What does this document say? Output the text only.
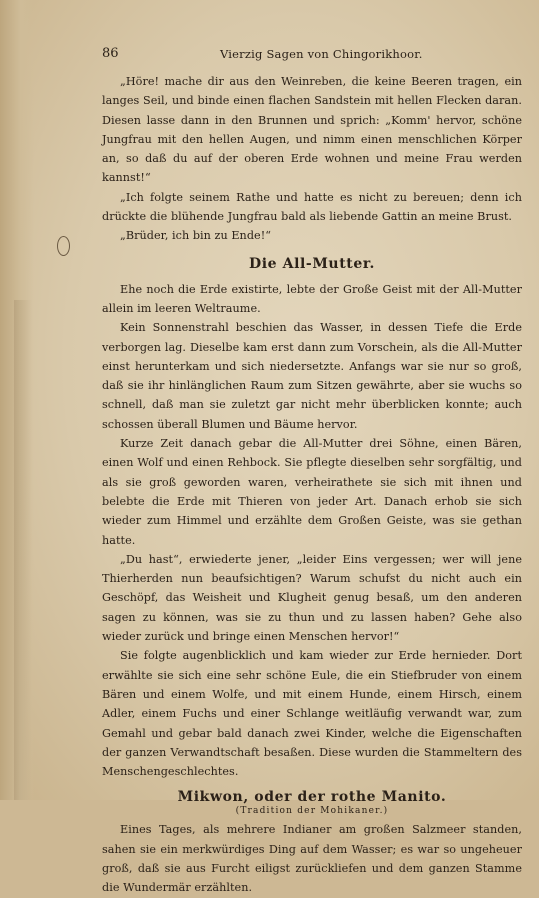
86	Vierzig Sagen von Chingorikhoor.

„Höre! mache dir aus den Weinreben, die keine Beeren tragen, ein langes Seil, und binde einen flachen Sandstein mit hellen Flecken daran. Diesen lasse dann in den Brunnen und sprich: „Komm' hervor, schöne Jungfrau mit den hellen Augen, und nimm einen menschlichen Körper an, so daß du auf der oberen Erde wohnen und meine Frau werden kannst!“

„Ich folgte seinem Rathe und hatte es nicht zu bereuen; denn ich drückte die blühende Jungfrau bald als liebende Gattin an meine Brust.

„Brüder, ich bin zu Ende!“

Die All-Mutter.

Ehe noch die Erde existirte, lebte der Große Geist mit der All-Mutter allein im leeren Weltraume.

Kein Sonnenstrahl beschien das Wasser, in dessen Tiefe die Erde verborgen lag. Dieselbe kam erst dann zum Vorschein, als die All-Mutter einst herunterkam und sich niedersetzte. Anfangs war sie nur so groß, daß sie ihr hinlänglichen Raum zum Sitzen gewährte, aber sie wuchs so schnell, daß man sie zuletzt gar nicht mehr überblicken konnte; auch schossen überall Blumen und Bäume hervor.

Kurze Zeit danach gebar die All-Mutter drei Söhne, einen Bären, einen Wolf und einen Rehbock. Sie pflegte dieselben sehr sorgfältig, und als sie groß geworden waren, verheirathete sie sich mit ihnen und belebte die Erde mit Thieren von jeder Art. Danach erhob sie sich wieder zum Himmel und erzählte dem Großen Geiste, was sie gethan hatte.

„Du hast“, erwiederte jener, „leider Eins vergessen; wer will jene Thierherden nun beaufsichtigen? Warum schufst du nicht auch ein Geschöpf, das Weisheit und Klugheit genug besaß, um den anderen sagen zu können, was sie zu thun und zu lassen haben? Gehe also wieder zurück und bringe einen Menschen hervor!“

Sie folgte augenblicklich und kam wieder zur Erde hernieder. Dort erwählte sie sich eine sehr schöne Eule, die ein Stiefbruder von einem Bären und einem Wolfe, und mit einem Hunde, einem Hirsch, einem Adler, einem Fuchs und einer Schlange weitläufig verwandt war, zum Gemahl und gebar bald danach zwei Kinder, welche die Eigenschaften der ganzen Verwandtschaft besaßen. Diese wurden die Stammeltern des Menschengeschlechtes.

Mikwon, oder der rothe Manito.
(Tradition der Mohikaner.)

Eines Tages, als mehrere Indianer am großen Salzmeer standen, sahen sie ein merkwürdiges Ding auf dem Wasser; es war so ungeheuer groß, daß sie aus Furcht eiligst zurückliefen und dem ganzen Stamme die Wundermär erzählten.
